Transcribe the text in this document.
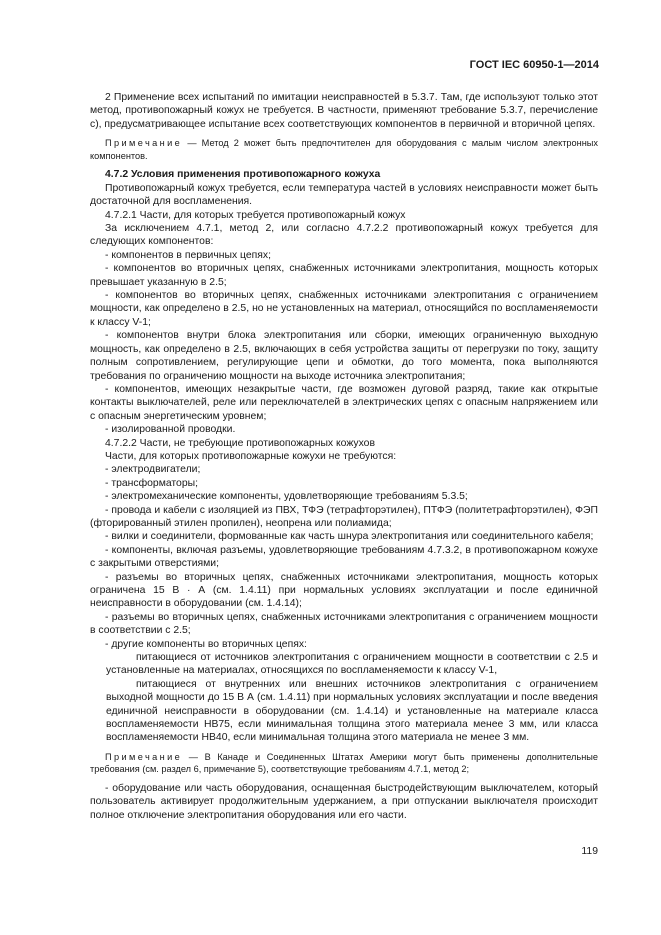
ГОСТ IEC 60950-1—2014

2 Применение всех испытаний по имитации неисправностей в 5.3.7. Там, где используют только этот метод, противопожарный кожух не требуется. В частности, применяют требование 5.3.7, перечисление c), предусматривающее испытание всех соответствующих компонентов в первичной и вторичной цепях.

Примечание — Метод 2 может быть предпочтителен для оборудования с малым числом электронных компонентов.

4.7.2 Условия применения противопожарного кожуха

Противопожарный кожух требуется, если температура частей в условиях неисправности может быть достаточной для воспламенения.

4.7.2.1 Части, для которых требуется противопожарный кожух

За исключением 4.7.1, метод 2, или согласно 4.7.2.2 противопожарный кожух требуется для следующих компонентов:

- компонентов в первичных цепях;

- компонентов во вторичных цепях, снабженных источниками электропитания, мощность которых превышает указанную в 2.5;

- компонентов во вторичных цепях, снабженных источниками электропитания с ограничением мощности, как определено в 2.5, но не установленных на материал, относящийся по воспламеняемости к классу V-1;

- компонентов внутри блока электропитания или сборки, имеющих ограниченную выходную мощность, как определено в 2.5, включающих в себя устройства защиты от перегрузки по току, защиту полным сопротивлением, регулирующие цепи и обмотки, до того момента, пока выполняются требования по ограничению мощности на выходе источника электропитания;

- компонентов, имеющих незакрытые части, где возможен дуговой разряд, такие как открытые контакты выключателей, реле или переключателей в электрических цепях с опасным напряжением или с опасным энергетическим уровнем;

- изолированной проводки.

4.7.2.2 Части, не требующие противопожарных кожухов

Части, для которых противопожарные кожухи не требуются:

- электродвигатели;

- трансформаторы;

- электромеханические компоненты, удовлетворяющие требованиям 5.3.5;

- провода и кабели с изоляцией из ПВХ, ТФЭ (тетрафторэтилен), ПТФЭ (политетрафторэтилен), ФЭП (фторированный этилен пропилен), неопрена или полиамида;

- вилки и соединители, формованные как часть шнура электропитания или соединительного кабеля;

- компоненты, включая разъемы, удовлетворяющие требованиям 4.7.3.2, в противопожарном кожухе с закрытыми отверстиями;

- разъемы во вторичных цепях, снабженных источниками электропитания, мощность которых ограничена 15 В · А (см. 1.4.11) при нормальных условиях эксплуатации и после единичной неисправности в оборудовании (см. 1.4.14);

- разъемы во вторичных цепях, снабженных источниками электропитания с ограничением мощности в соответствии с 2.5;

- другие компоненты во вторичных цепях:

питающиеся от источников электропитания с ограничением мощности в соответствии с 2.5 и установленные на материалах, относящихся по воспламеняемости к классу V-1,

питающиеся от внутренних или внешних источников электропитания с ограничением выходной мощности до 15 В А (см. 1.4.11) при нормальных условиях эксплуатации и после введения единичной неисправности в оборудовании (см. 1.4.14) и установленные на материале класса воспламеняемости HB75, если минимальная толщина этого материала менее 3 мм, или класса воспламеняемости HB40, если минимальная толщина этого материала не менее 3 мм.

Примечание — В Канаде и Соединенных Штатах Америки могут быть применены дополнительные требования (см. раздел 6, примечание 5), соответствующие требованиям 4.7.1, метод 2;

- оборудование или часть оборудования, оснащенная быстродействующим выключателем, который пользователь активирует продолжительным удержанием, а при отпускании выключателя происходит полное отключение электропитания оборудования или его части.

119
